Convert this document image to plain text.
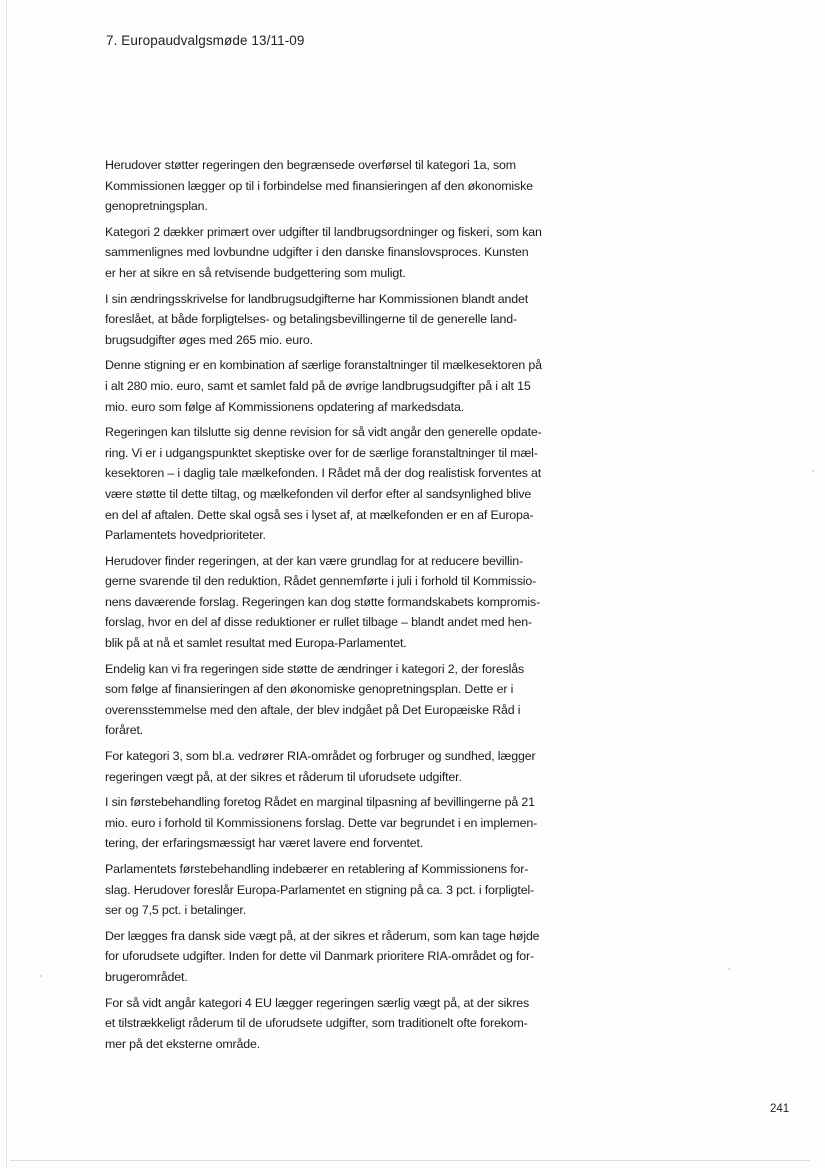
7. Europaudvalgsmøde 13/11-09

Herudover støtter regeringen den begrænsede overførsel til kategori 1a, som
Kommissionen lægger op til i forbindelse med finansieringen af den økonomiske
genopretningsplan.

Kategori 2 dækker primært over udgifter til landbrugsordninger og fiskeri, som kan
sammenlignes med lovbundne udgifter i den danske finanslovsproces. Kunsten
er her at sikre en så retvisende budgettering som muligt.

I sin ændringsskrivelse for landbrugsudgifterne har Kommissionen blandt andet
foreslået, at både forpligtelses- og betalingsbevillingerne til de generelle land-
brugsudgifter øges med 265 mio. euro.

Denne stigning er en kombination af særlige foranstaltninger til mælkesektoren på
i alt 280 mio. euro, samt et samlet fald på de øvrige landbrugsudgifter på i alt 15
mio. euro som følge af Kommissionens opdatering af markedsdata.

Regeringen kan tilslutte sig denne revision for så vidt angår den generelle opdate-
ring. Vi er i udgangspunktet skeptiske over for de særlige foranstaltninger til mæl-
kesektoren – i daglig tale mælkefonden. I Rådet må der dog realistisk forventes at
være støtte til dette tiltag, og mælkefonden vil derfor efter al sandsynlighed blive
en del af aftalen. Dette skal også ses i lyset af, at mælkefonden er en af Europa-
Parlamentets hovedprioriteter.

Herudover finder regeringen, at der kan være grundlag for at reducere bevillin-
gerne svarende til den reduktion, Rådet gennemførte i juli i forhold til Kommissio-
nens daværende forslag. Regeringen kan dog støtte formandskabets kompromis-
forslag, hvor en del af disse reduktioner er rullet tilbage – blandt andet med hen-
blik på at nå et samlet resultat med Europa-Parlamentet.

Endelig kan vi fra regeringen side støtte de ændringer i kategori 2, der foreslås
som følge af finansieringen af den økonomiske genopretningsplan. Dette er i
overensstemmelse med den aftale, der blev indgået på Det Europæiske Råd i
foråret.

For kategori 3, som bl.a. vedrører RIA-området og forbruger og sundhed, lægger
regeringen vægt på, at der sikres et råderum til uforudsete udgifter.

I sin førstebehandling foretog Rådet en marginal tilpasning af bevillingerne på 21
mio. euro i forhold til Kommissionens forslag. Dette var begrundet i en implemen-
tering, der erfaringsmæssigt har været lavere end forventet.

Parlamentets førstebehandling indebærer en retablering af Kommissionens for-
slag. Herudover foreslår Europa-Parlamentet en stigning på ca. 3 pct. i forpligtel-
ser og 7,5 pct. i betalinger.

Der lægges fra dansk side vægt på, at der sikres et råderum, som kan tage højde
for uforudsete udgifter. Inden for dette vil Danmark prioritere RIA-området og for-
brugerområdet.

For så vidt angår kategori 4 EU lægger regeringen særlig vægt på, at der sikres
et tilstrækkeligt råderum til de uforudsete udgifter, som traditionelt ofte forekom-
mer på det eksterne område.

241
